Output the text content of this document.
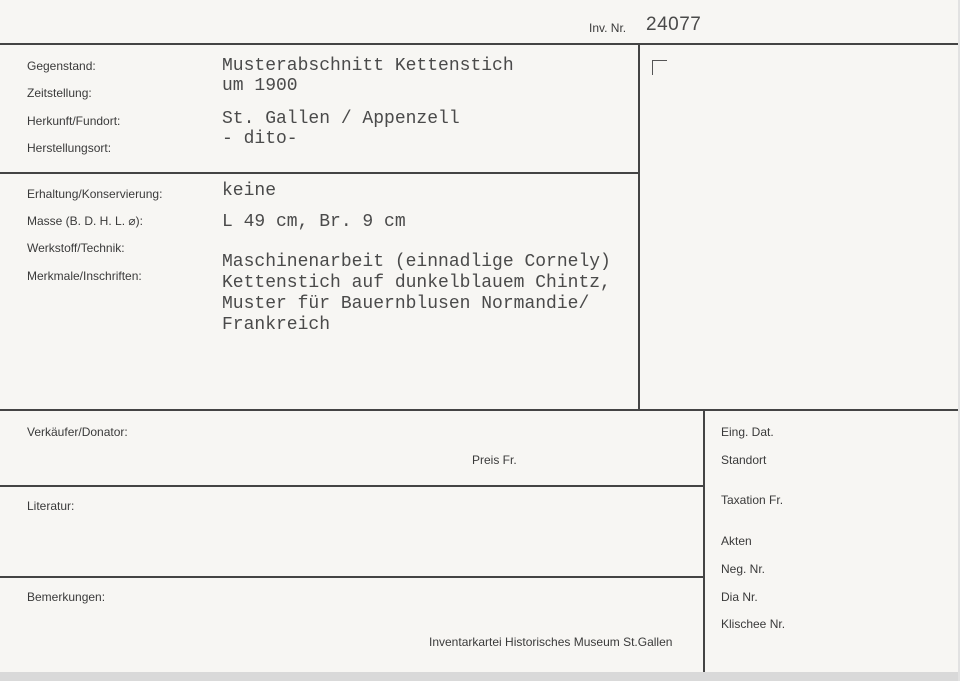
Inv. Nr. 24077
Gegenstand:
Zeitstellung:
Herkunft/Fundort:
Herstellungsort:
Musterabschnitt Kettenstich
um 1900
St. Gallen / Appenzell
- dito-
Erhaltung/Konservierung:
Masse (B. D. H. L. ⌀):
Werkstoff/Technik:
Merkmale/Inschriften:
keine
L 49 cm, Br. 9 cm
Maschinenarbeit (einnadlige Cornely)
Kettenstich auf dunkelblauem Chintz,
Muster für Bauernblusen Normandie/
Frankreich
Verkäufer/Donator:
Preis Fr.
Literatur:
Bemerkungen:
Inventarkartei Historisches Museum St.Gallen
Eing. Dat.
Standort
Taxation Fr.
Akten
Neg. Nr.
Dia Nr.
Klischee Nr.
